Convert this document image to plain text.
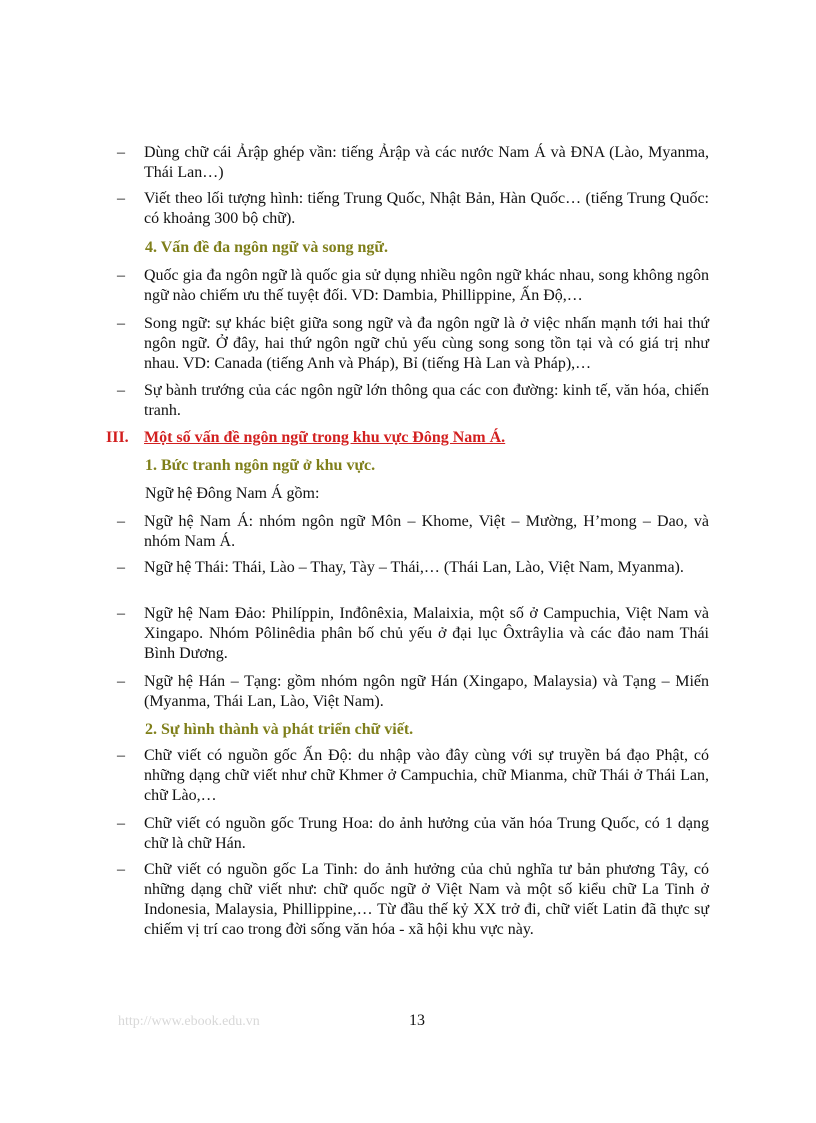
– Dùng chữ cái Ảrập ghép vần: tiếng Ảrập và các nước Nam Á và ĐNA (Lào, Myanma, Thái Lan…)
– Viết theo lối tượng hình: tiếng Trung Quốc, Nhật Bản, Hàn Quốc… (tiếng Trung Quốc: có khoảng 300 bộ chữ).
4. Vấn đề đa ngôn ngữ và song ngữ.
– Quốc gia đa ngôn ngữ là quốc gia sử dụng nhiều ngôn ngữ khác nhau, song không ngôn ngữ nào chiếm ưu thế tuyệt đối. VD: Dambia, Phillippine, Ấn Độ,…
– Song ngữ: sự khác biệt giữa song ngữ và đa ngôn ngữ là ở việc nhấn mạnh tới hai thứ ngôn ngữ. Ở đây, hai thứ ngôn ngữ chủ yếu cùng song song tồn tại và có giá trị như nhau. VD: Canada (tiếng Anh và Pháp), Bỉ (tiếng Hà Lan và Pháp),…
– Sự bành trướng của các ngôn ngữ lớn thông qua các con đường: kinh tế, văn hóa, chiến tranh.
III. Một số vấn đề ngôn ngữ trong khu vực Đông Nam Á.
1. Bức tranh ngôn ngữ ở khu vực.
Ngữ hệ Đông Nam Á gồm:
– Ngữ hệ Nam Á: nhóm ngôn ngữ Môn – Khome, Việt – Mường, H’mong – Dao, và nhóm Nam Á.
– Ngữ hệ Thái: Thái, Lào – Thay, Tày – Thái,… (Thái Lan, Lào, Việt Nam, Myanma).
– Ngữ hệ Nam Đảo: Philíppin, Inđônêxia, Malaixia, một số ở Campuchia, Việt Nam và Xingapo. Nhóm Pôlinêdia phân bố chủ yếu ở đại lục Ôxtrâylia và các đảo nam Thái Bình Dương.
– Ngữ hệ Hán – Tạng: gồm nhóm ngôn ngữ Hán (Xingapo, Malaysia) và Tạng – Miến (Myanma, Thái Lan, Lào, Việt Nam).
2. Sự hình thành và phát triển chữ viết.
– Chữ viết có nguồn gốc Ấn Độ: du nhập vào đây cùng với sự truyền bá đạo Phật, có những dạng chữ viết như chữ Khmer ở Campuchia, chữ Mianma, chữ Thái ở Thái Lan, chữ Lào,…
– Chữ viết có nguồn gốc Trung Hoa: do ảnh hưởng của văn hóa Trung Quốc, có 1 dạng chữ là chữ Hán.
– Chữ viết có nguồn gốc La Tinh: do ảnh hưởng của chủ nghĩa tư bản phương Tây, có những dạng chữ viết như: chữ quốc ngữ ở Việt Nam và một số kiểu chữ La Tinh ở Indonesia, Malaysia, Phillippine,… Từ đầu thế kỷ XX trở đi, chữ viết Latin đã thực sự chiếm vị trí cao trong đời sống văn hóa - xã hội khu vực này.
http://www.ebook.edu.vn	13
